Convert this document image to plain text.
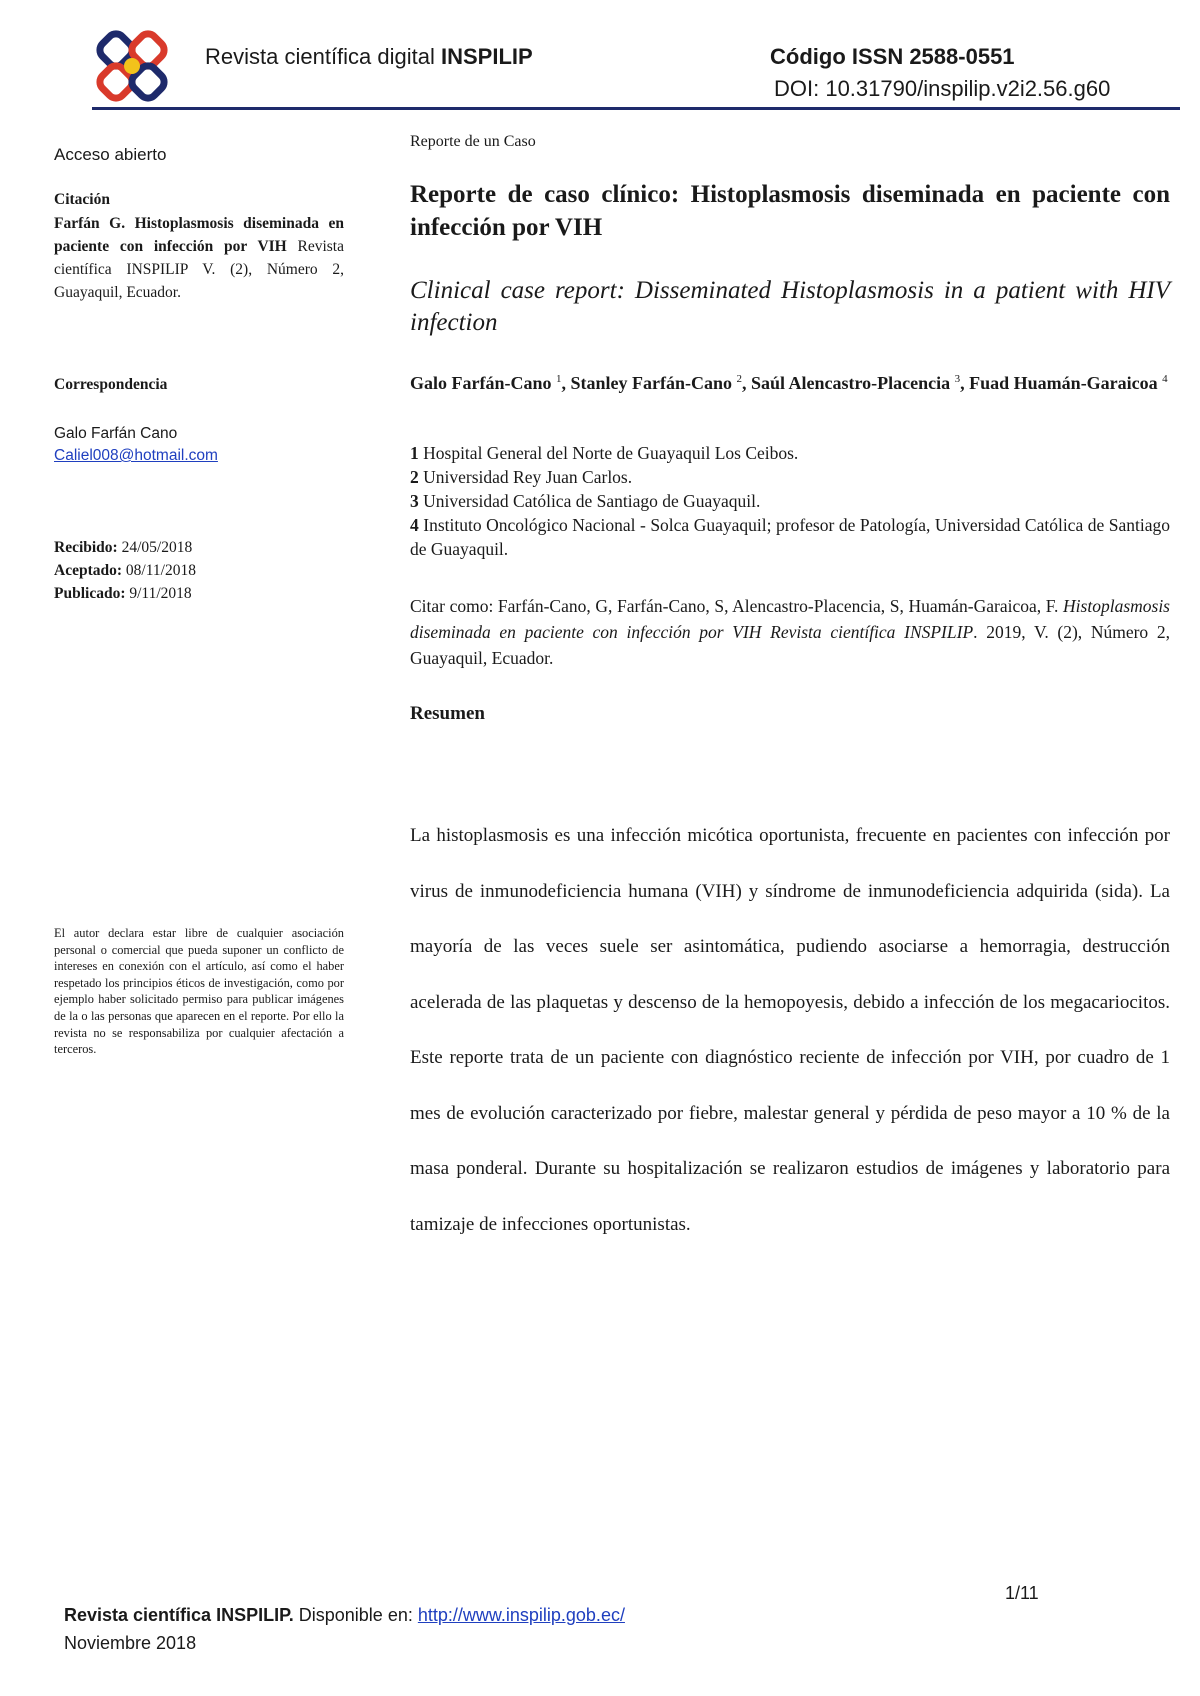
Revista científica digital INSPILIP	Código ISSN 2588-0551
DOI: 10.31790/inspilip.v2i2.56.g60
Acceso abierto
Citación
Farfán G. Histoplasmosis diseminada en paciente con infección por VIH Revista científica INSPILIP V. (2), Número 2, Guayaquil, Ecuador.
Correspondencia
Galo Farfán Cano
Caliel008@hotmail.com
Recibido: 24/05/2018
Aceptado: 08/11/2018
Publicado: 9/11/2018
El autor declara estar libre de cualquier asociación personal o comercial que pueda suponer un conflicto de intereses en conexión con el artículo, así como el haber respetado los principios éticos de investigación, como por ejemplo haber solicitado permiso para publicar imágenes de la o las personas que aparecen en el reporte. Por ello la revista no se responsabiliza por cualquier afectación a terceros.
Reporte de un Caso
Reporte de caso clínico: Histoplasmosis diseminada en paciente con infección por VIH
Clinical case report: Disseminated Histoplasmosis in a patient with HIV infection
Galo Farfán-Cano $^1$, Stanley Farfán-Cano $^2$, Saúl Alencastro-Placencia $^3$, Fuad Huamán-Garaicoa $^4$
1 Hospital General del Norte de Guayaquil Los Ceibos.
2 Universidad Rey Juan Carlos.
3 Universidad Católica de Santiago de Guayaquil.
4 Instituto Oncológico Nacional - Solca Guayaquil; profesor de Patología, Universidad Católica de Santiago de Guayaquil.
Citar como: Farfán-Cano, G, Farfán-Cano, S, Alencastro-Placencia, S, Huamán-Garaicoa, F. Histoplasmosis diseminada en paciente con infección por VIH Revista científica INSPILIP. 2019, V. (2), Número 2, Guayaquil, Ecuador.
Resumen
La histoplasmosis es una infección micótica oportunista, frecuente en pacientes con infección por virus de inmunodeficiencia humana (VIH) y síndrome de inmunodeficiencia adquirida (sida). La mayoría de las veces suele ser asintomática, pudiendo asociarse a hemorragia, destrucción acelerada de las plaquetas y descenso de la hemopoyesis, debido a infección de los megacariocitos. Este reporte trata de un paciente con diagnóstico reciente de infección por VIH, por cuadro de 1 mes de evolución caracterizado por fiebre, malestar general y pérdida de peso mayor a 10 % de la masa ponderal. Durante su hospitalización se realizaron estudios de imágenes y laboratorio para tamizaje de infecciones oportunistas.
1/11
Revista científica INSPILIP. Disponible en: http://www.inspilip.gob.ec/
Noviembre 2018
